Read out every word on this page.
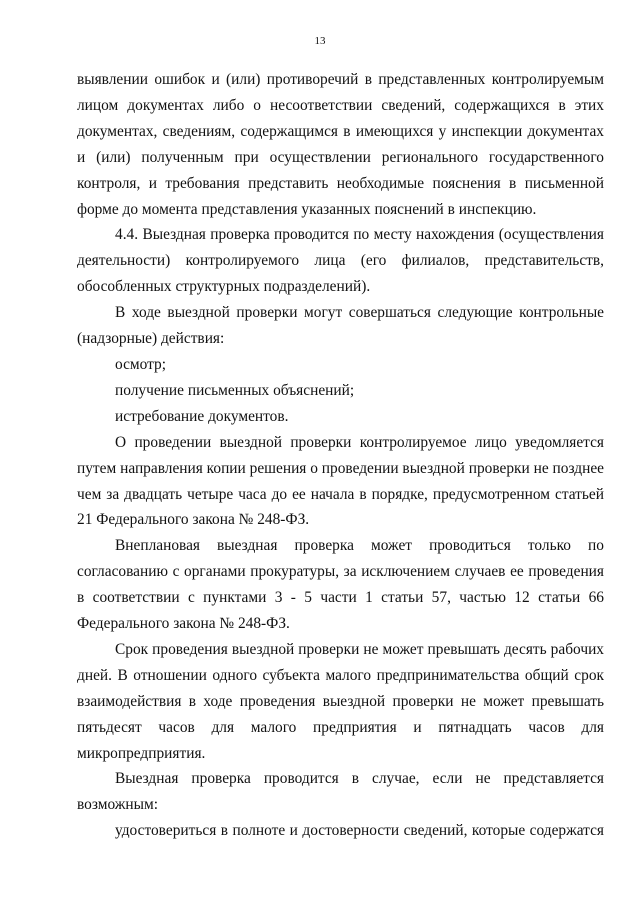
13

выявлении ошибок и (или) противоречий в представленных контролируемым лицом документах либо о несоответствии сведений, содержащихся в этих документах, сведениям, содержащимся в имеющихся у инспекции документах и (или) полученным при осуществлении регионального государственного контроля, и требования представить необходимые пояснения в письменной форме до момента представления указанных пояснений в инспекцию.

4.4. Выездная проверка проводится по месту нахождения (осуществления деятельности) контролируемого лица (его филиалов, представительств, обособленных структурных подразделений).

В ходе выездной проверки могут совершаться следующие контрольные (надзорные) действия:

осмотр;

получение письменных объяснений;

истребование документов.

О проведении выездной проверки контролируемое лицо уведомляется путем направления копии решения о проведении выездной проверки не позднее чем за двадцать четыре часа до ее начала в порядке, предусмотренном статьей 21 Федерального закона № 248-ФЗ.

Внеплановая выездная проверка может проводиться только по согласованию с органами прокуратуры, за исключением случаев ее проведения в соответствии с пунктами 3 - 5 части 1 статьи 57, частью 12 статьи 66 Федерального закона № 248-ФЗ.

Срок проведения выездной проверки не может превышать десять рабочих дней. В отношении одного субъекта малого предпринимательства общий срок взаимодействия в ходе проведения выездной проверки не может превышать пятьдесят часов для малого предприятия и пятнадцать часов для микропредприятия.

Выездная проверка проводится в случае, если не представляется возможным:

удостовериться в полноте и достоверности сведений, которые содержатся
